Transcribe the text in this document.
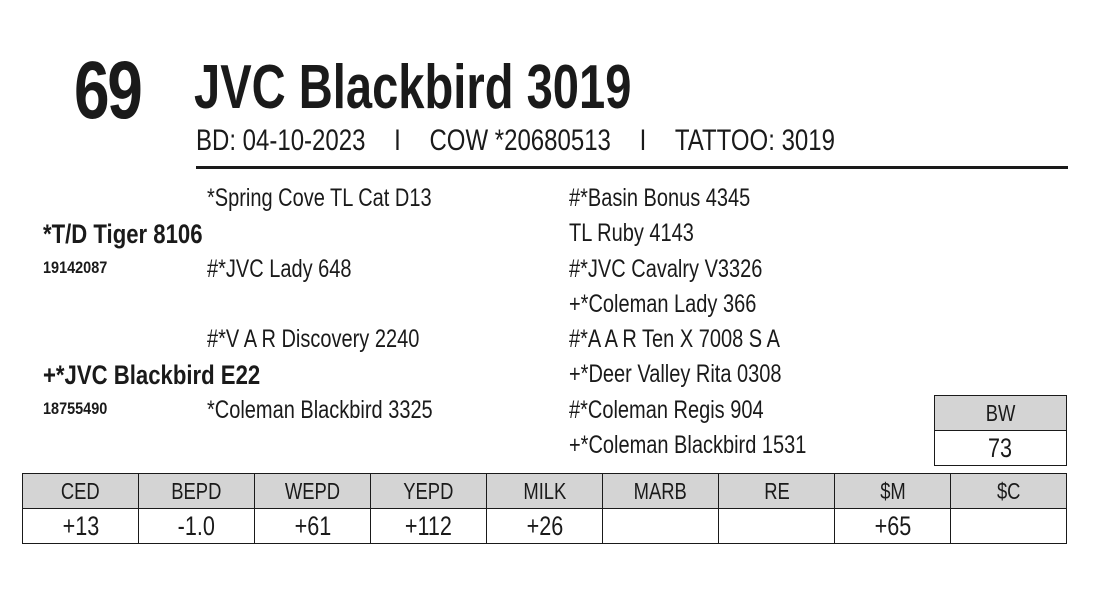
69 JVC Blackbird 3019
BD: 04-10-2023 I COW *20680513 I TATTOO: 3019
*Spring Cove TL Cat D13
*T/D Tiger 8106
19142087	#*JVC Lady 648
#*Basin Bonus 4345
TL Ruby 4143
#*JVC Cavalry V3326
+*Coleman Lady 366
#*V A R Discovery 2240
+*JVC Blackbird E22
18755490	*Coleman Blackbird 3325
#*A A R Ten X 7008 S A
+*Deer Valley Rita 0308
#*Coleman Regis 904
+*Coleman Blackbird 1531
BW
73
CED	BEPD	WEPD	YEPD	MILK	MARB	RE	$M	$C
+13	-1.0	+61	+112	+26			+65	
